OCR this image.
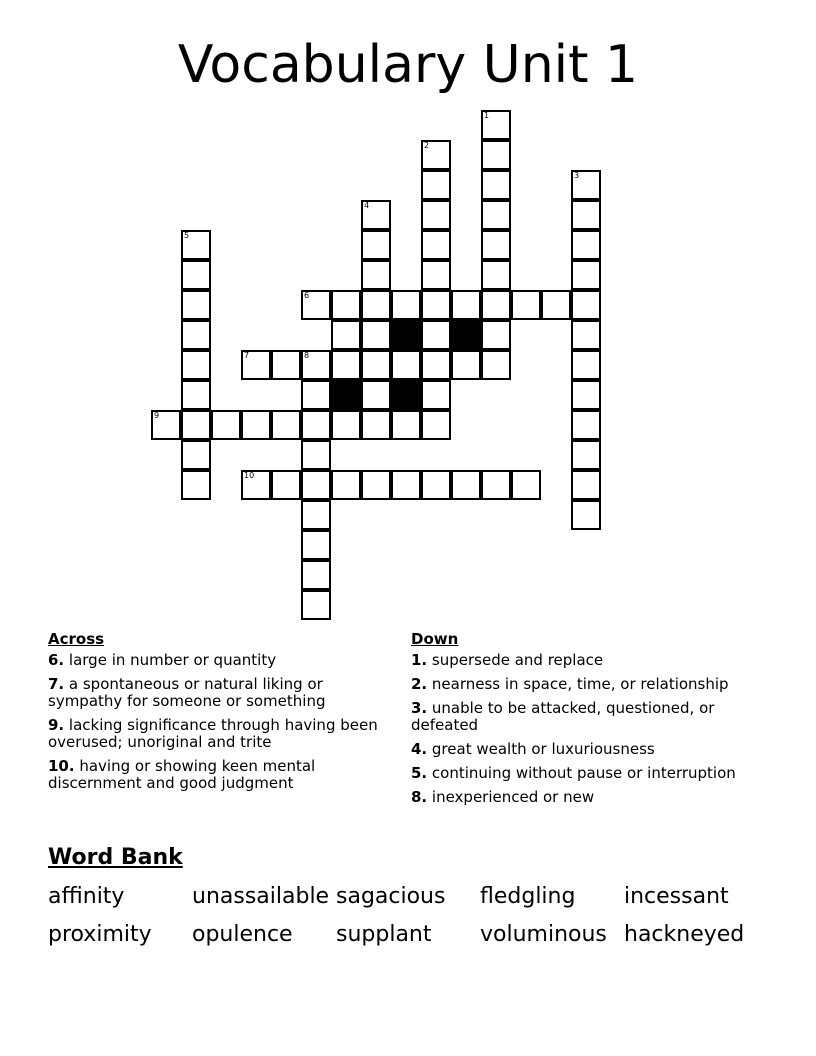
Vocabulary Unit 1
1
2
3
4
5
6
7	8
9
10
Across
6. large in number or quantity
7. a spontaneous or natural liking or sympathy for someone or something
9. lacking significance through having been overused; unoriginal and trite
10. having or showing keen mental discernment and good judgment
Down
1. supersede and replace
2. nearness in space, time, or relationship
3. unable to be attacked, questioned, or defeated
4. great wealth or luxuriousness
5. continuing without pause or interruption
8. inexperienced or new
Word Bank
affinity	unassailable sagacious fledgling incessant
proximity opulence supplant voluminous hackneyed
